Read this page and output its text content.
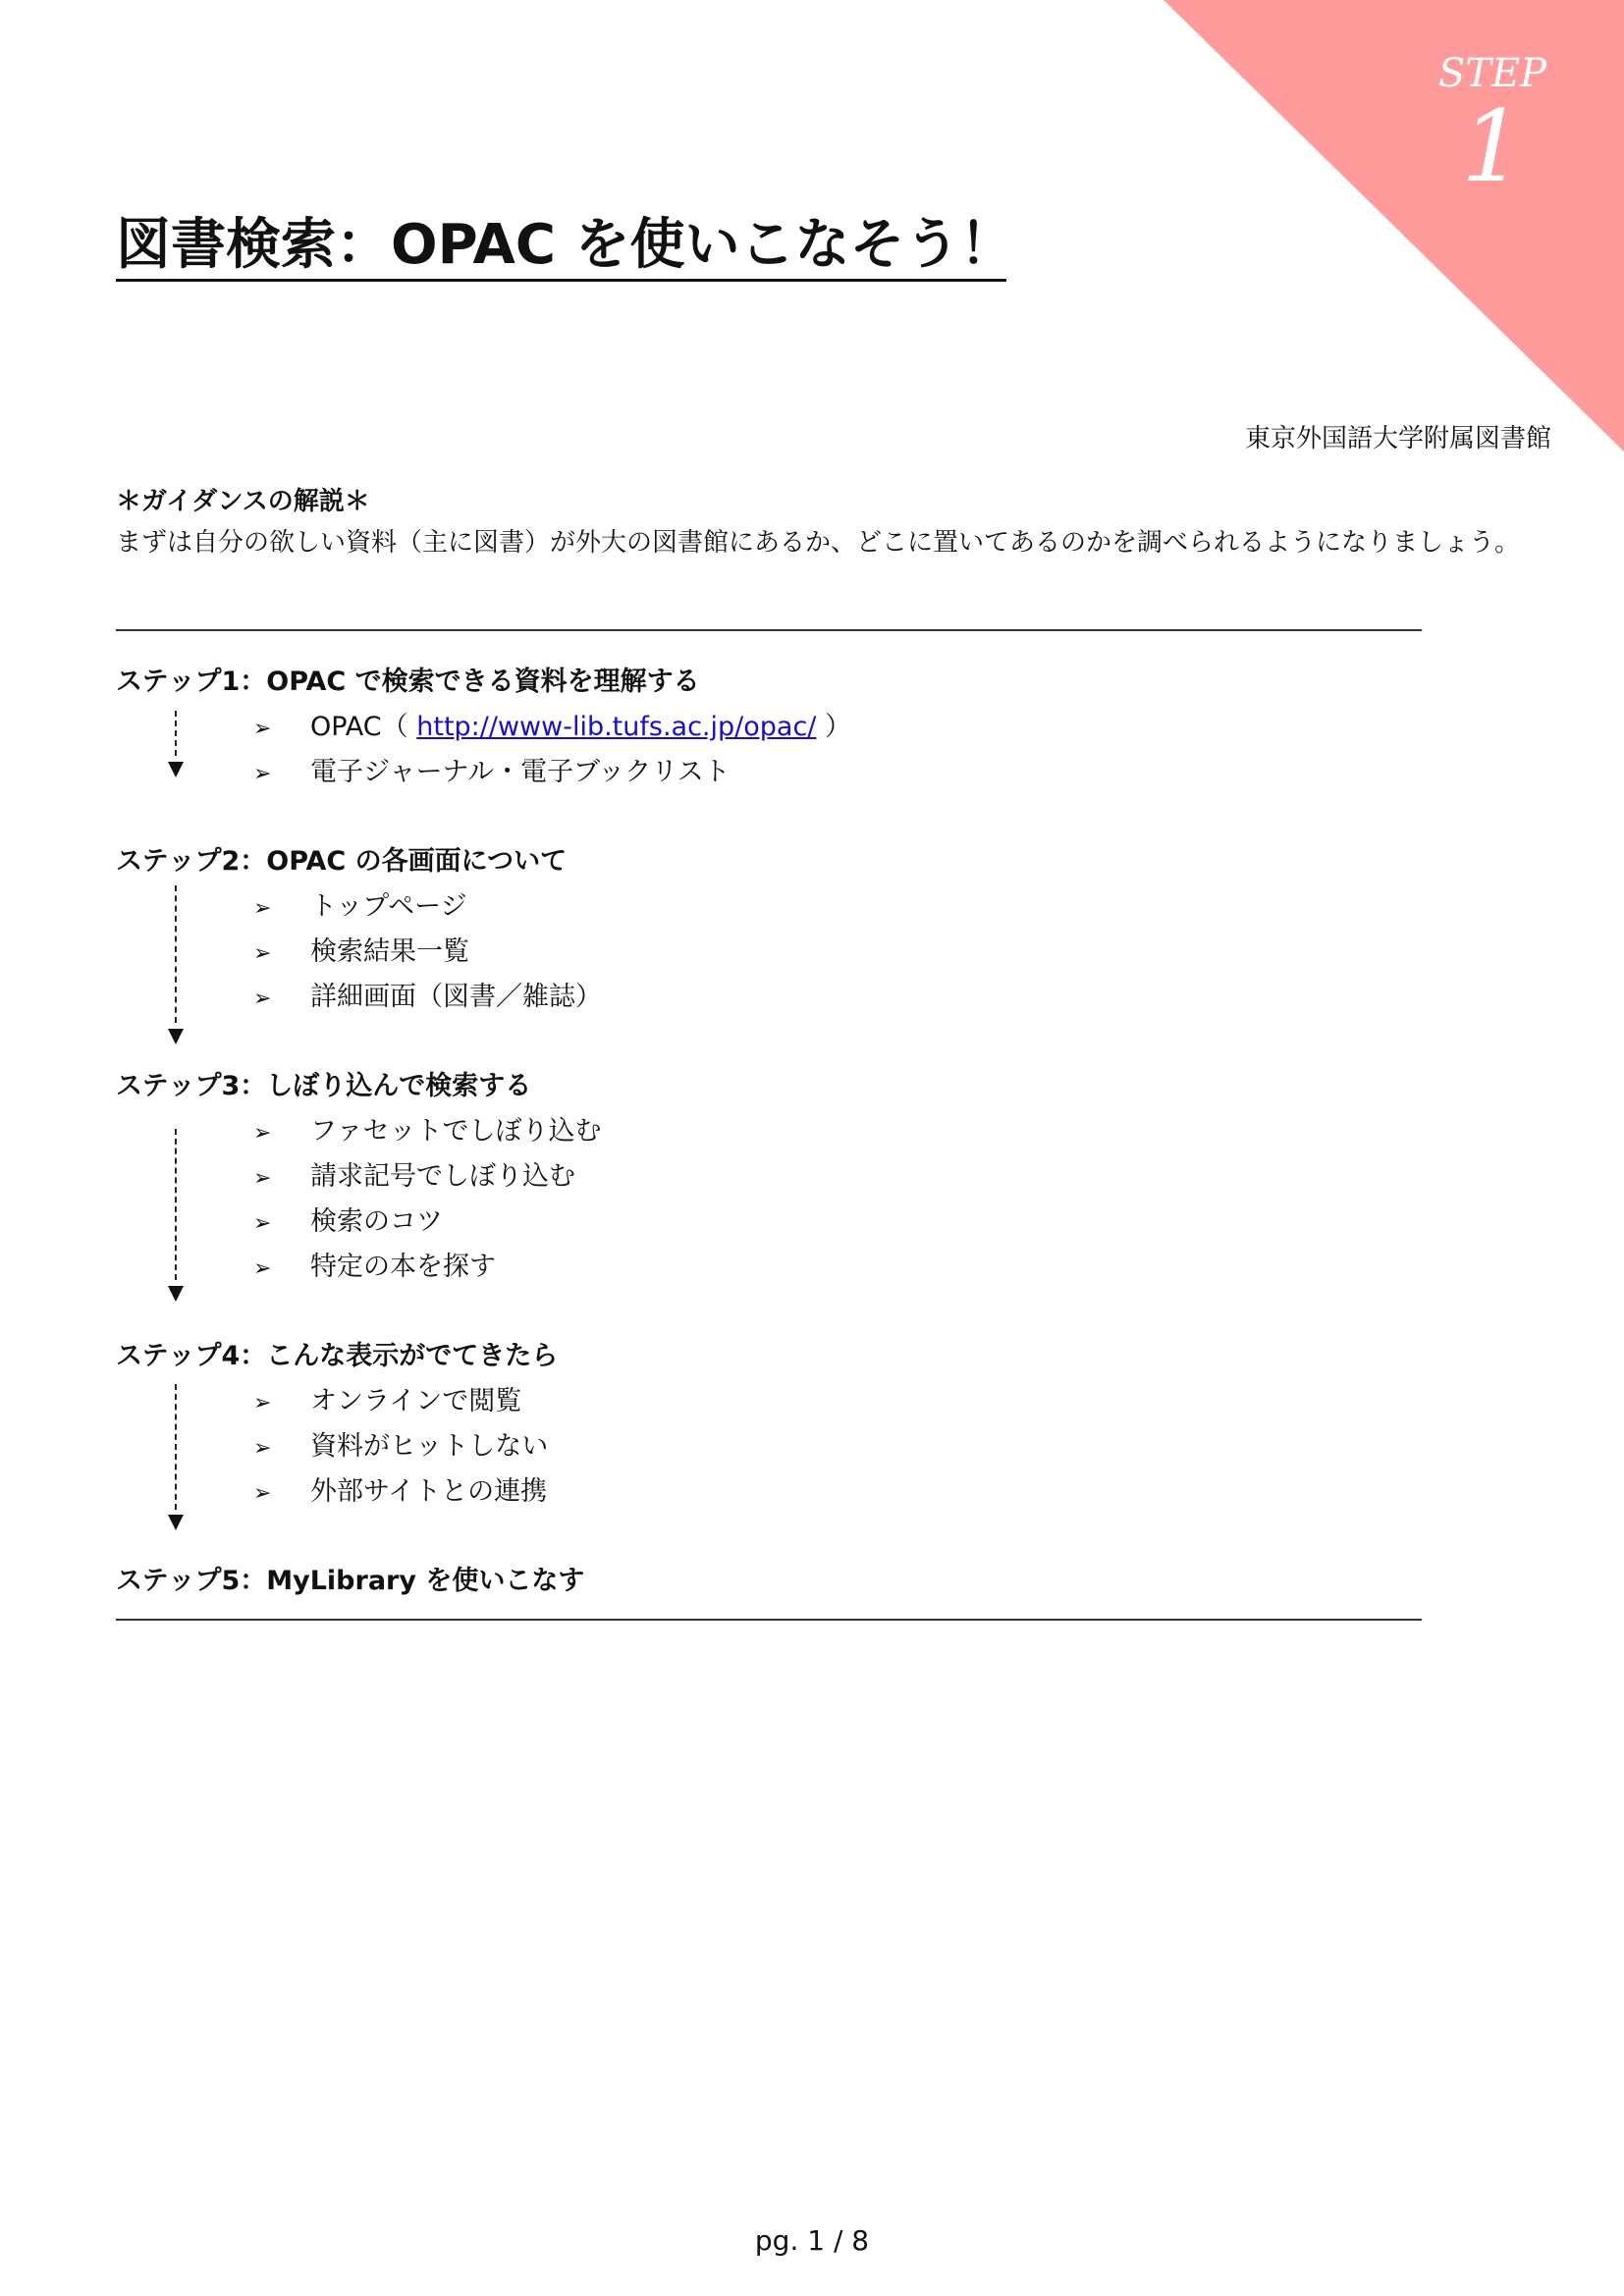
STEP
1
図書検索：OPAC を使いこなそう！
東京外国語大学附属図書館
＊ガイダンスの解説＊
まずは自分の欲しい資料（主に図書）が外大の図書館にあるか、どこに置いてあるのかを調べられるようになりましょう。
ステップ1：OPAC で検索できる資料を理解する
➢ OPAC（ http://www-lib.tufs.ac.jp/opac/ ）
➢ 電子ジャーナル・電子ブックリスト
ステップ2：OPAC の各画面について
➢ トップページ
➢ 検索結果一覧
➢ 詳細画面（図書／雑誌）
ステップ3：しぼり込んで検索する
➢ ファセットでしぼり込む
➢ 請求記号でしぼり込む
➢ 検索のコツ
➢ 特定の本を探す
ステップ4：こんな表示がでてきたら
➢ オンラインで閲覧
➢ 資料がヒットしない
➢ 外部サイトとの連携
ステップ5：MyLibrary を使いこなす
pg. 1 / 8
